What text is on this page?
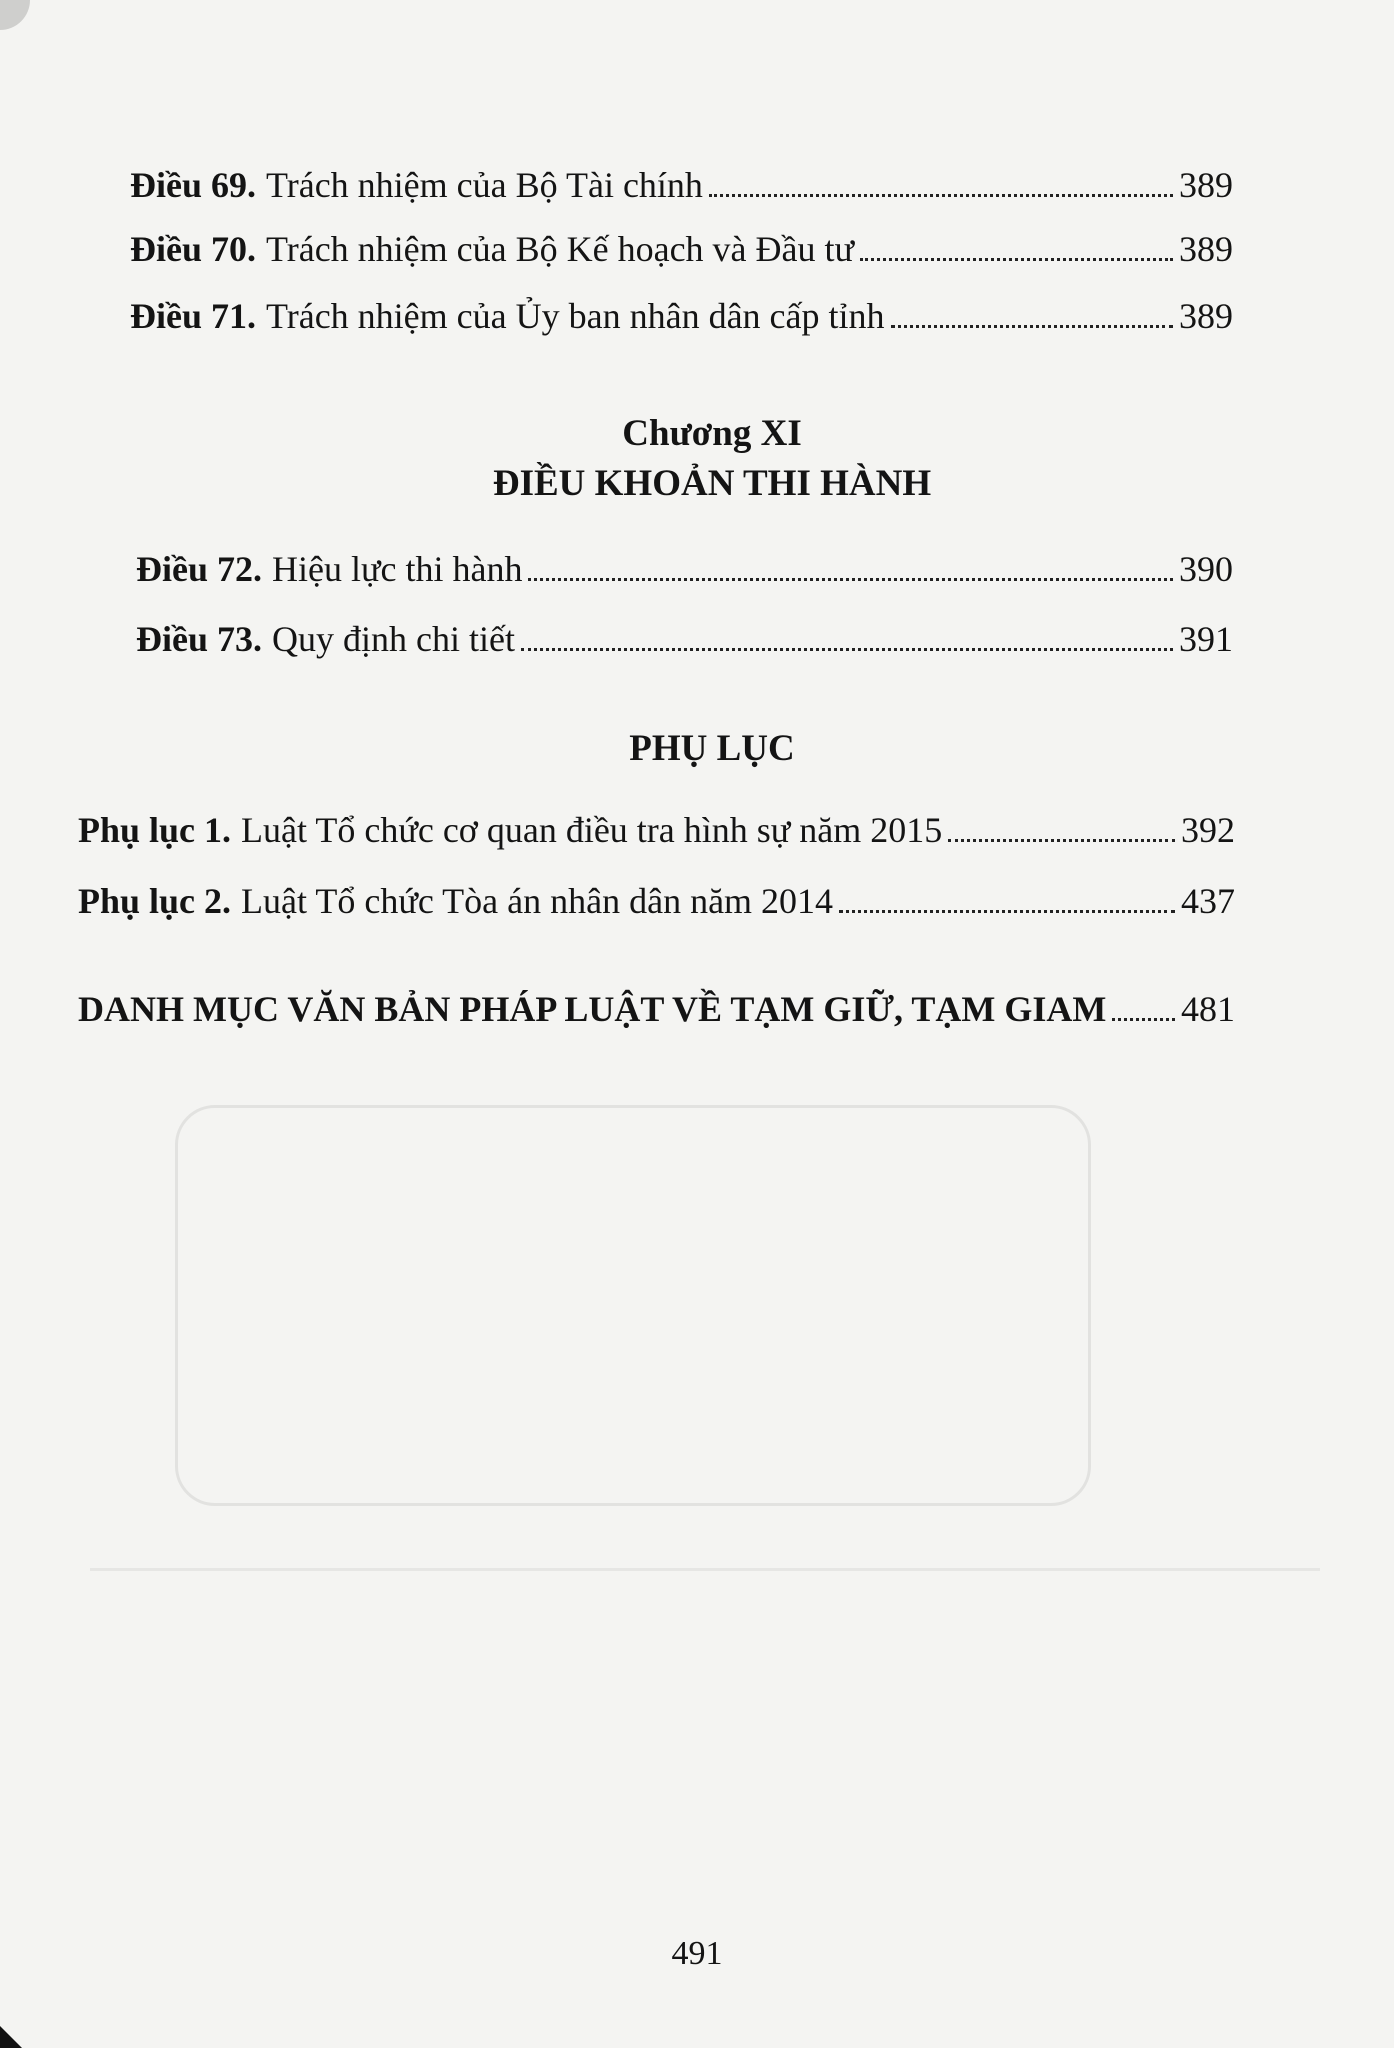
Điều 69. Trách nhiệm của Bộ Tài chính	389
Điều 70. Trách nhiệm của Bộ Kế hoạch và Đầu tư	389
Điều 71. Trách nhiệm của Ủy ban nhân dân cấp tỉnh	389
Chương XI
ĐIỀU KHOẢN THI HÀNH
Điều 72. Hiệu lực thi hành	390
Điều 73. Quy định chi tiết	391
PHỤ LỤC
Phụ lục 1. Luật Tổ chức cơ quan điều tra hình sự năm 2015	392
Phụ lục 2. Luật Tổ chức Tòa án nhân dân năm 2014	437
DANH MỤC VĂN BẢN PHÁP LUẬT VỀ TẠM GIỮ, TẠM GIAM 481
491
